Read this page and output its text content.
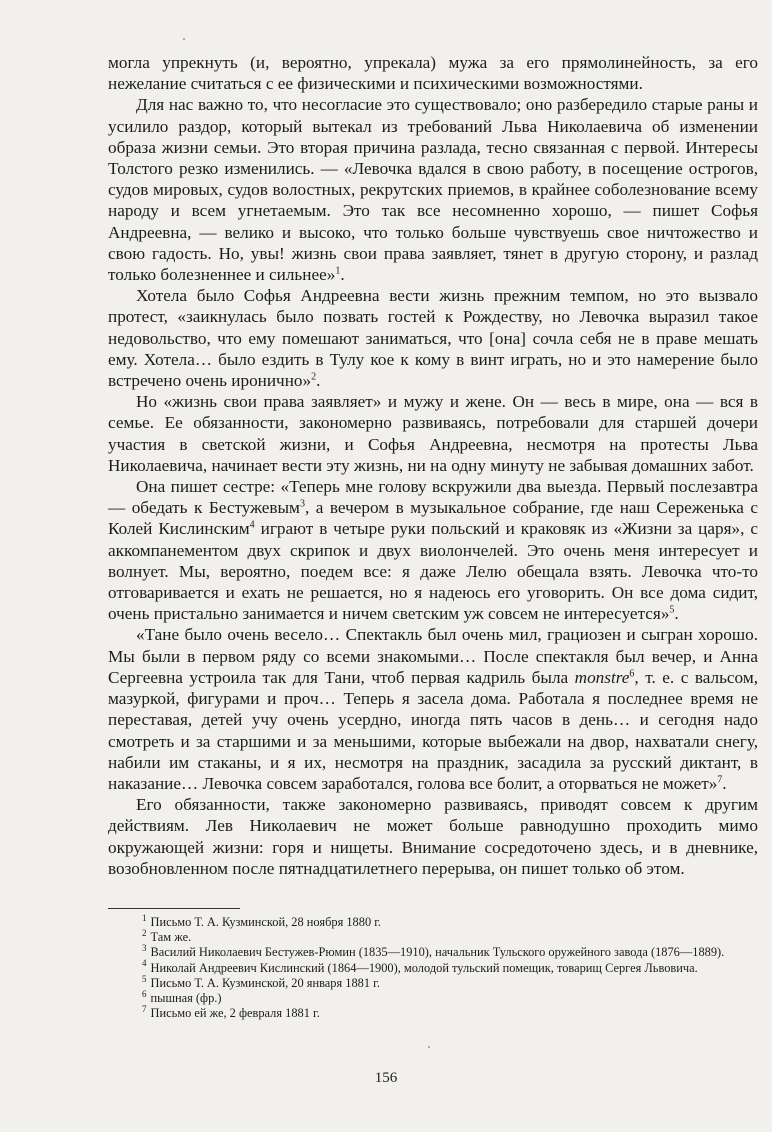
могла упрекнуть (и, вероятно, упрекала) мужа за его прямолинейность, за его нежелание считаться с ее физическими и психическими возможностями.

Для нас важно то, что несогласие это существовало; оно разбередило старые раны и усилило раздор, который вытекал из требований Льва Николаевича об изменении образа жизни семьи. Это вторая причина разлада, тесно связанная с первой. Интересы Толстого резко изменились. — «Левочка вдался в свою работу, в посещение острогов, судов мировых, судов волостных, рекрутских приемов, в крайнее соболезнование всему народу и всем угнетаемым. Это так все несомненно хорошо, — пишет Софья Андреевна, — велико и высоко, что только больше чувствуешь свое ничтожество и свою гадость. Но, увы! жизнь свои права заявляет, тянет в другую сторону, и разлад только болезненнее и сильнее»$^1$.

Хотела было Софья Андреевна вести жизнь прежним темпом, но это вызвало протест, «заикнулась было позвать гостей к Рождеству, но Левочка выразил такое недовольство, что ему помешают заниматься, что [она] сочла себя не в праве мешать ему. Хотела… было ездить в Тулу кое к кому в винт играть, но и это намерение было встречено очень иронично»$^2$.

Но «жизнь свои права заявляет» и мужу и жене. Он — весь в мире, она — вся в семье. Ее обязанности, закономерно развиваясь, потребовали для старшей дочери участия в светской жизни, и Софья Андреевна, несмотря на протесты Льва Николаевича, начинает вести эту жизнь, ни на одну минуту не забывая домашних забот.

Она пишет сестре: «Теперь мне голову вскружили два выезда. Первый послезавтра — обедать к Бестужевым$^3$, а вечером в музыкальное собрание, где наш Сереженька с Колей Кислинским$^4$ играют в четыре руки польский и краковяк из «Жизни за царя», с аккомпанементом двух скрипок и двух виолончелей. Это очень меня интересует и волнует. Мы, вероятно, поедем все: я даже Лелю обещала взять. Левочка что-то отговаривается и ехать не решается, но я надеюсь его уговорить. Он все дома сидит, очень пристально занимается и ничем светским уж совсем не интересуется»$^5$.

«Тане было очень весело… Спектакль был очень мил, грациозен и сыгран хорошо. Мы были в первом ряду со всеми знакомыми… После спектакля был вечер, и Анна Сергеевна устроила так для Тани, чтоб первая кадриль была monstre$^6$, т. е. с вальсом, мазуркой, фигурами и проч… Теперь я засела дома. Работала я последнее время не переставая, детей учу очень усердно, иногда пять часов в день… и сегодня надо смотреть и за старшими и за меньшими, которые выбежали на двор, нахватали снегу, набили им стаканы, и я их, несмотря на праздник, засадила за русский диктант, в наказание… Левочка совсем заработался, голова все болит, а оторваться не может»$^7$.

Его обязанности, также закономерно развиваясь, приводят совсем к другим действиям. Лев Николаевич не может больше равнодушно проходить мимо окружающей жизни: горя и нищеты. Внимание сосредоточено здесь, и в дневнике, возобновленном после пятнадцатилетнего перерыва, он пишет только об этом.

$^1$ Письмо Т. А. Кузминской, 28 ноября 1880 г.

$^2$ Там же.

$^3$ Василий Николаевич Бестужев-Рюмин (1835—1910), начальник Тульского оружейного завода (1876—1889).

$^4$ Николай Андреевич Кислинский (1864—1900), молодой тульский помещик, товарищ Сергея Львовича.

$^5$ Письмо Т. А. Кузминской, 20 января 1881 г.

$^6$ пышная (фр.)

$^7$ Письмо ей же, 2 февраля 1881 г.

156
